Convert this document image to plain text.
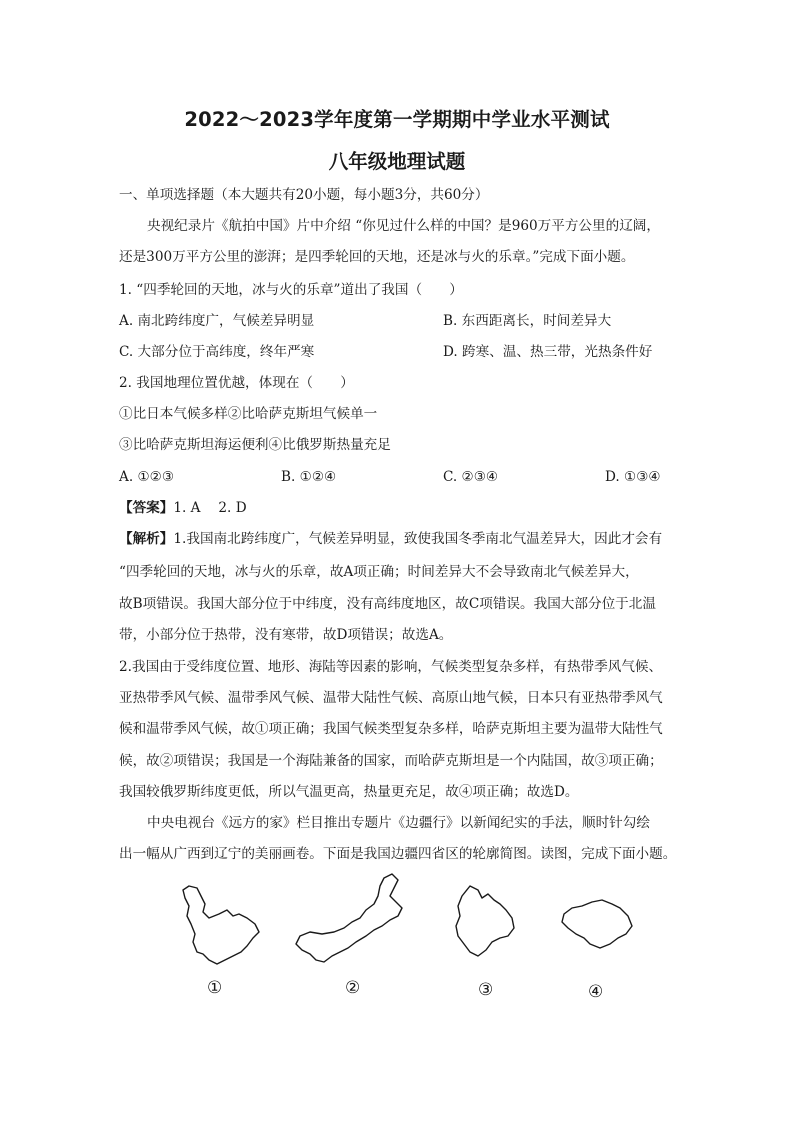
2022～2023学年度第一学期期中学业水平测试
八年级地理试题
一、单项选择题（本大题共有20小题，每小题3分，共60分）
央视纪录片《航拍中国》片中介绍 “你见过什么样的中国？是960万平方公里的辽阔，
还是300万平方公里的澎湃；是四季轮回的天地，还是冰与火的乐章。”完成下面小题。
1. “四季轮回的天地，冰与火的乐章”道出了我国（　　）
A. 南北跨纬度广，气候差异明显	B. 东西距离长，时间差异大
C. 大部分位于高纬度，终年严寒	D. 跨寒、温、热三带，光热条件好
2. 我国地理位置优越，体现在（　　）
①比日本气候多样②比哈萨克斯坦气候单一
③比哈萨克斯坦海运便利④比俄罗斯热量充足
A. ①②③	B. ①②④	C. ②③④	D. ①③④
【答案】1. A　 2. D
【解析】1.我国南北跨纬度广，气候差异明显，致使我国冬季南北气温差异大，因此才会有
“四季轮回的天地，冰与火的乐章，故A项正确；时间差异大不会导致南北气候差异大，
故B项错误。我国大部分位于中纬度，没有高纬度地区，故C项错误。我国大部分位于北温
带，小部分位于热带，没有寒带，故D项错误；故选A。
2.我国由于受纬度位置、地形、海陆等因素的影响，气候类型复杂多样，有热带季风气候、
亚热带季风气候、温带季风气候、温带大陆性气候、高原山地气候，日本只有亚热带季风气
候和温带季风气候，故①项正确；我国气候类型复杂多样，哈萨克斯坦主要为温带大陆性气
候，故②项错误；我国是一个海陆兼备的国家，而哈萨克斯坦是一个内陆国，故③项正确；
我国较俄罗斯纬度更低，所以气温更高，热量更充足，故④项正确；故选D。
中央电视台《远方的家》栏目推出专题片《边疆行》以新闻纪实的手法，顺时针勾绘
出一幅从广西到辽宁的美丽画卷。下面是我国边疆四省区的轮廓简图。读图，完成下面小题。
①	②	③	④
